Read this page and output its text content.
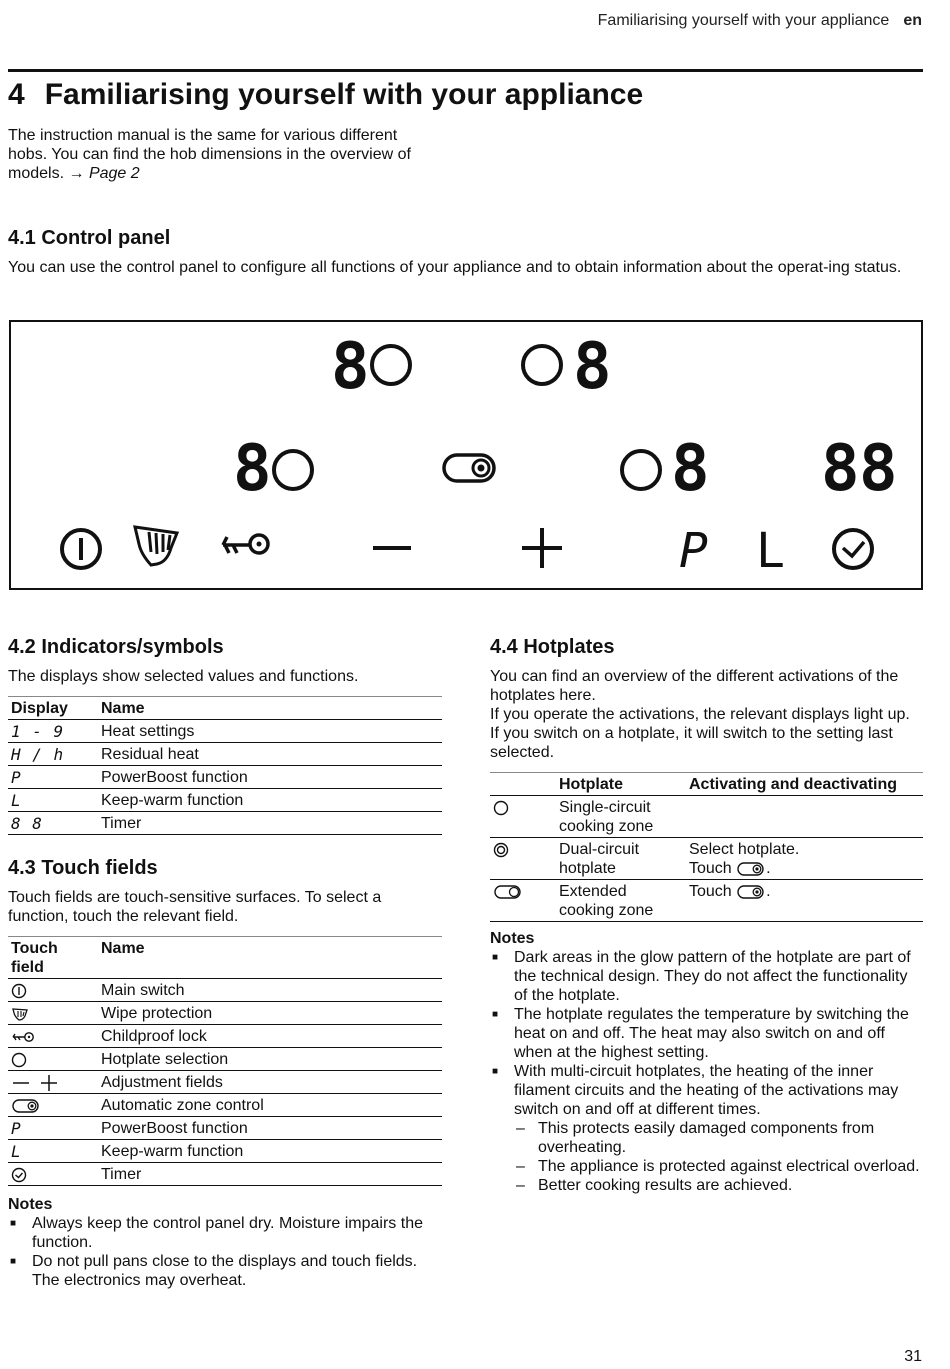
Familiarising yourself with your appliance en
4 Familiarising yourself with your appliance

The instruction manual is the same for various different hobs. You can find the hob dimensions in the overview of models. → Page 2

4.1 Control panel

You can use the control panel to configure all functions of your appliance and to obtain information about the operat-ing status.

8	8
8	8 8 8
P L
4.2 Indicators/symbols

The displays show selected values and functions.

Display	Name
1 - 9	Heat settings
H / h	Residual heat
P	PowerBoost function
L	Keep-warm function
8 8	Timer
4.3 Touch fields

Touch fields are touch-sensitive surfaces. To select a function, touch the relevant field.

Touch field	Name
	Main switch
	Wipe protection
	Childproof lock
	Hotplate selection
	Adjustment fields
	Automatic zone control
P	PowerBoost function
L	Keep-warm function
	Timer
Notes
■ Always keep the control panel dry. Moisture impairs the function.
■ Do not pull pans close to the displays and touch fields. The electronics may overheat.
4.4 Hotplates

You can find an overview of the different activations of the hotplates here.

If you operate the activations, the relevant displays light up.

If you switch on a hotplate, it will switch to the setting last selected.

	Hotplate	Activating and deactivating
	Single-circuit cooking zone	
	Dual-circuit hotplate	Select hotplate.
Touch .

	Extended cooking zone	Touch .
Notes
■ Dark areas in the glow pattern of the hotplate are part of the technical design. They do not affect the functionality of the hotplate.
■ The hotplate regulates the temperature by switching the heat on and off. The heat may also switch on and off when at the highest setting.
■ With multi-circuit hotplates, the heating of the inner filament circuits and the heating of the activations may switch on and off at different times.
– This protects easily damaged components from overheating.
– The appliance is protected against electrical overload.
– Better cooking results are achieved.
31
